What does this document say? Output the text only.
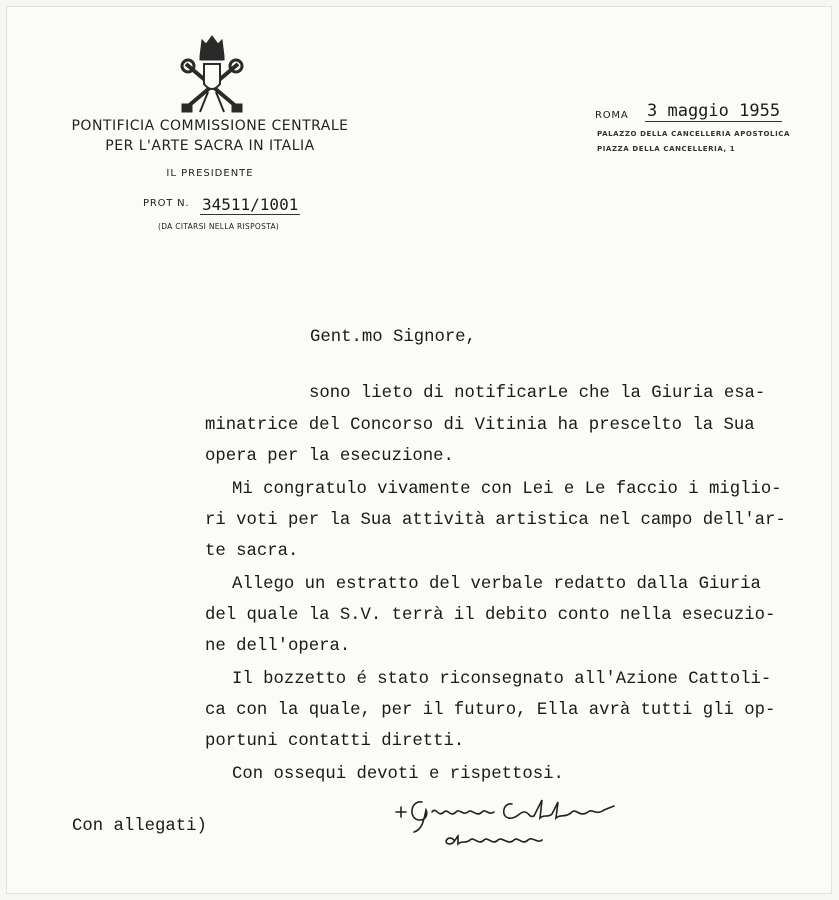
PONTIFICIA COMMISSIONE CENTRALE
PER L'ARTE SACRA IN ITALIA
IL PRESIDENTE
PROT N. 34511/1001
(DA CITARSI NELLA RISPOSTA)
ROMA 3 maggio 1955
PALAZZO DELLA CANCELLERIA APOSTOLICA
PIAZZA DELLA CANCELLERIA, 1
Gent.mo Signore,
sono lieto di notificarLe che la Giuria esa-
minatrice del Concorso di Vitinia ha prescelto la Sua
opera per la esecuzione.
Mi congratulo vivamente con Lei e Le faccio i miglio-
ri voti per la Sua attività artistica nel campo dell'ar-
te sacra.
Allego un estratto del verbale redatto dalla Giuria
del quale la S.V. terrà il debito conto nella esecuzio-
ne dell'opera.
Il bozzetto é stato riconsegnato all'Azione Cattoli-
ca con la quale, per il futuro, Ella avrà tutti gli op-
portuni contatti diretti.
Con ossequi devoti e rispettosi.
Con allegati)
